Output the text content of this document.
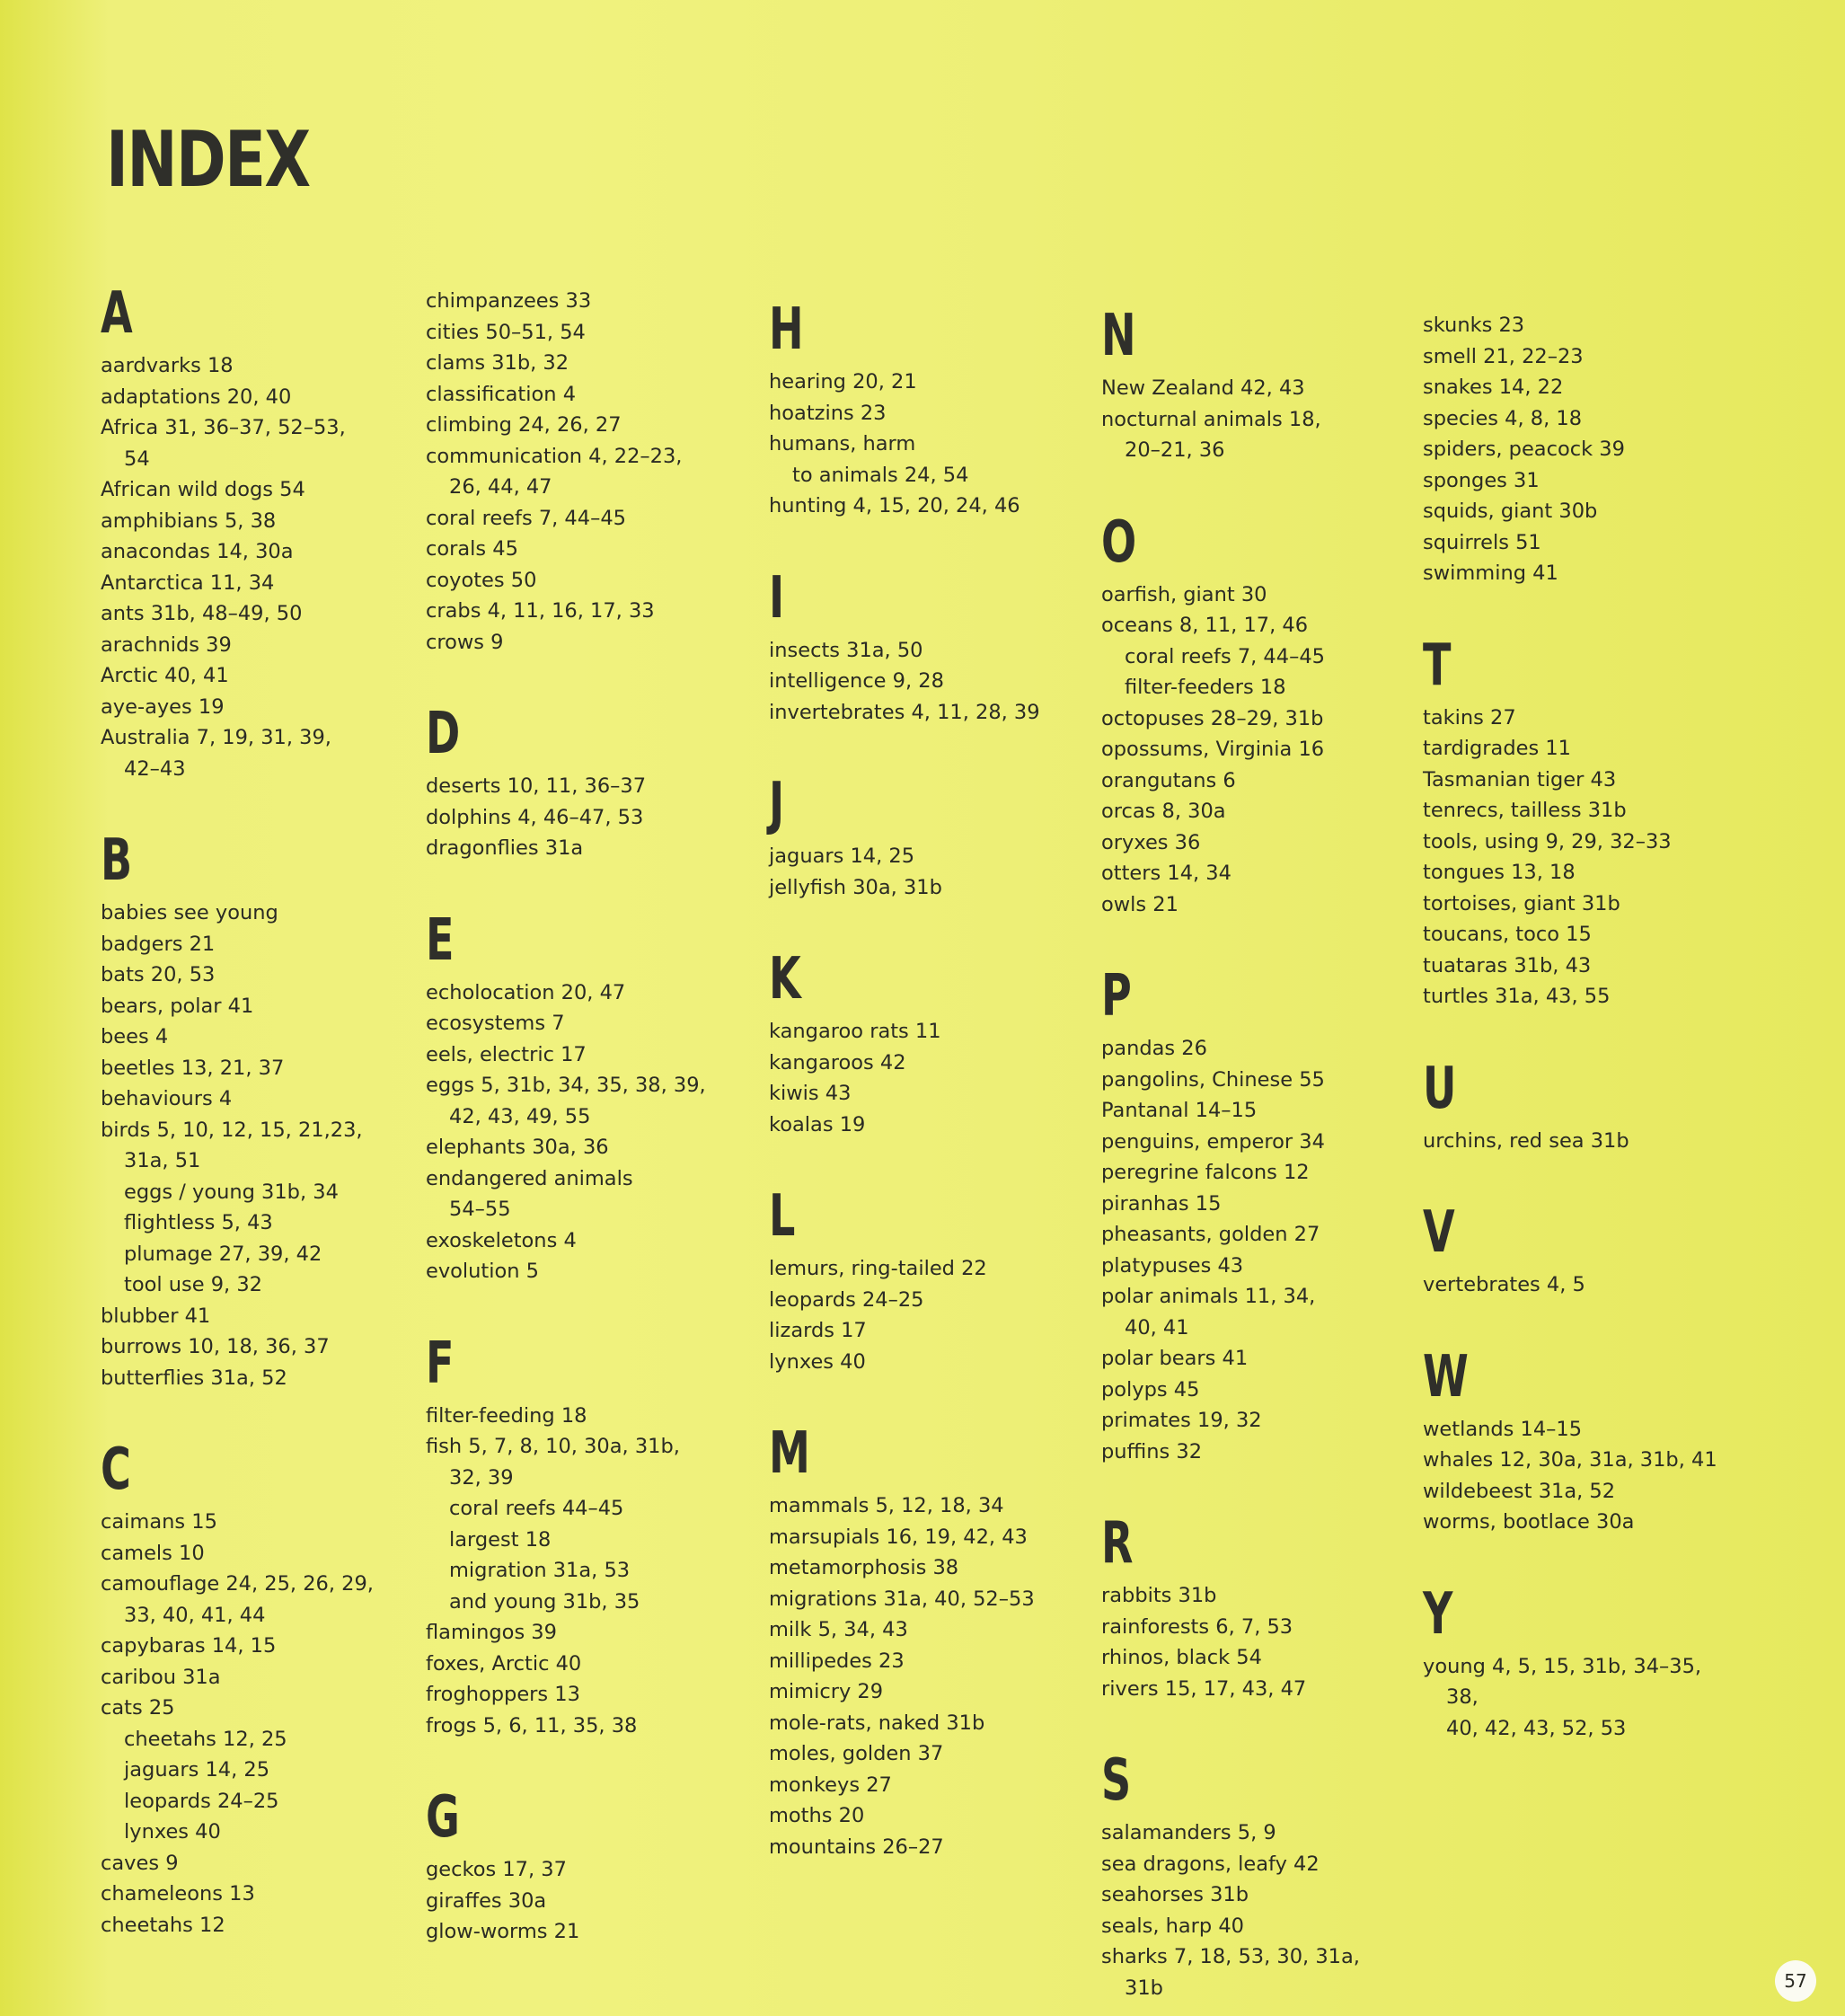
INDEX
A
aardvarks 18
adaptations 20, 40
Africa 31, 36–37, 52–53,
54
African wild dogs 54
amphibians 5, 38
anacondas 14, 30a
Antarctica 11, 34
ants 31b, 48–49, 50
arachnids 39
Arctic 40, 41
aye-ayes 19
Australia 7, 19, 31, 39,
42–43
B
babies see young
badgers 21
bats 20, 53
bears, polar 41
bees 4
beetles 13, 21, 37
behaviours 4
birds 5, 10, 12, 15, 21,23,
31a, 51
eggs / young 31b, 34
flightless 5, 43
plumage 27, 39, 42
tool use 9, 32
blubber 41
burrows 10, 18, 36, 37
butterflies 31a, 52
C
caimans 15
camels 10
camouflage 24, 25, 26, 29,
33, 40, 41, 44
capybaras 14, 15
caribou 31a
cats 25
cheetahs 12, 25
jaguars 14, 25
leopards 24–25
lynxes 40
caves 9
chameleons 13
cheetahs 12
chimpanzees 33
cities 50–51, 54
clams 31b, 32
classification 4
climbing 24, 26, 27
communication 4, 22–23,
26, 44, 47
coral reefs 7, 44–45
corals 45
coyotes 50
crabs 4, 11, 16, 17, 33
crows 9
D
deserts 10, 11, 36–37
dolphins 4, 46–47, 53
dragonflies 31a
E
echolocation 20, 47
ecosystems 7
eels, electric 17
eggs 5, 31b, 34, 35, 38, 39,
42, 43, 49, 55
elephants 30a, 36
endangered animals
54–55
exoskeletons 4
evolution 5
F
filter-feeding 18
fish 5, 7, 8, 10, 30a, 31b,
32, 39
coral reefs 44–45
largest 18
migration 31a, 53
and young 31b, 35
flamingos 39
foxes, Arctic 40
froghoppers 13
frogs 5, 6, 11, 35, 38
G
geckos 17, 37
giraffes 30a
glow-worms 21
H
hearing 20, 21
hoatzins 23
humans, harm
to animals 24, 54
hunting 4, 15, 20, 24, 46
I
insects 31a, 50
intelligence 9, 28
invertebrates 4, 11, 28, 39
J
jaguars 14, 25
jellyfish 30a, 31b
K
kangaroo rats 11
kangaroos 42
kiwis 43
koalas 19
L
lemurs, ring-tailed 22
leopards 24–25
lizards 17
lynxes 40
M
mammals 5, 12, 18, 34
marsupials 16, 19, 42, 43
metamorphosis 38
migrations 31a, 40, 52–53
milk 5, 34, 43
millipedes 23
mimicry 29
mole-rats, naked 31b
moles, golden 37
monkeys 27
moths 20
mountains 26–27
N
New Zealand 42, 43
nocturnal animals 18,
20–21, 36
O
oarfish, giant 30
oceans 8, 11, 17, 46
coral reefs 7, 44–45
filter-feeders 18
octopuses 28–29, 31b
opossums, Virginia 16
orangutans 6
orcas 8, 30a
oryxes 36
otters 14, 34
owls 21
P
pandas 26
pangolins, Chinese 55
Pantanal 14–15
penguins, emperor 34
peregrine falcons 12
piranhas 15
pheasants, golden 27
platypuses 43
polar animals 11, 34,
40, 41
polar bears 41
polyps 45
primates 19, 32
puffins 32
R
rabbits 31b
rainforests 6, 7, 53
rhinos, black 54
rivers 15, 17, 43, 47
S
salamanders 5, 9
sea dragons, leafy 42
seahorses 31b
seals, harp 40
sharks 7, 18, 53, 30, 31a,
31b
skunks 23
smell 21, 22–23
snakes 14, 22
species 4, 8, 18
spiders, peacock 39
sponges 31
squids, giant 30b
squirrels 51
swimming 41
T
takins 27
tardigrades 11
Tasmanian tiger 43
tenrecs, tailless 31b
tools, using 9, 29, 32–33
tongues 13, 18
tortoises, giant 31b
toucans, toco 15
tuataras 31b, 43
turtles 31a, 43, 55
U
urchins, red sea 31b
V
vertebrates 4, 5
W
wetlands 14–15
whales 12, 30a, 31a, 31b, 41
wildebeest 31a, 52
worms, bootlace 30a
Y
young 4, 5, 15, 31b, 34–35,
38,
40, 42, 43, 52, 53
57
